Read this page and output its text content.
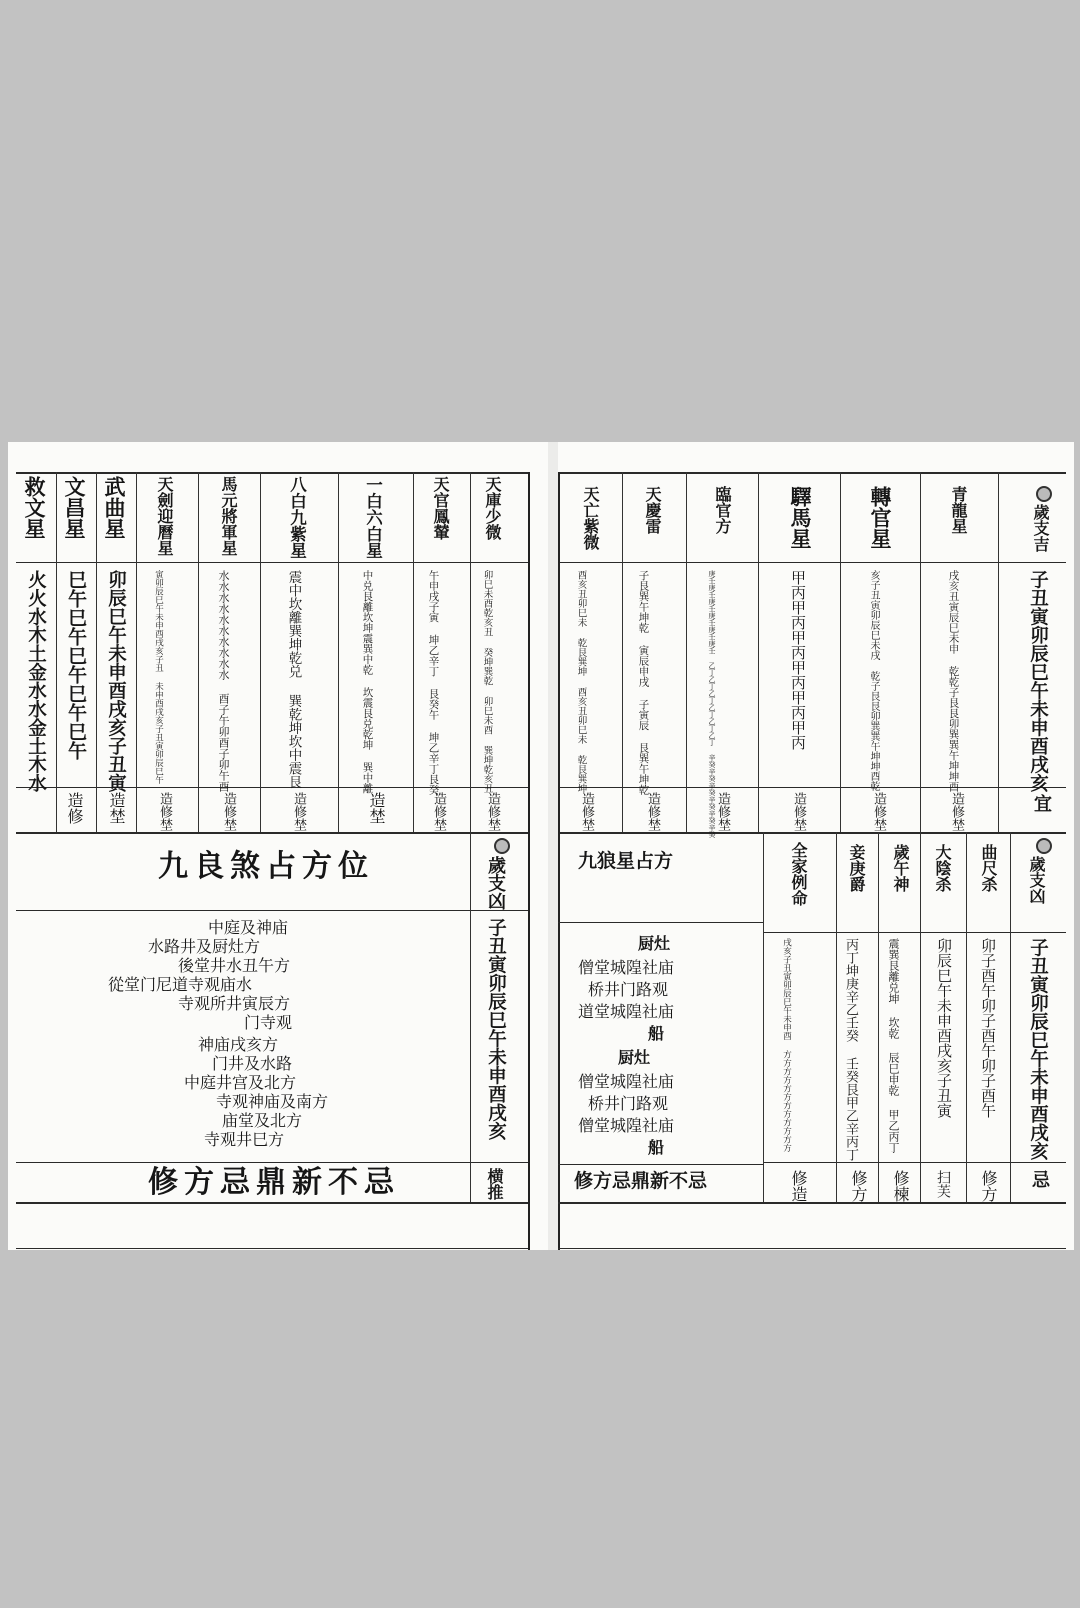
天庫少微
卯巳未酉乾亥丑 癸坤巽乾 卯巳未酉 巽坤乾亥丑
造修埜
天官鳳輦
午申戌子寅 坤乙辛丁 艮癸午 坤乙辛丁艮癸
造修埜
一白六白星
中兑艮離坎坤震巽中乾 坎震艮兑乾坤 巽中離
造埜
八白九紫星
震中坎離巽坤乾兑 巽乾坤坎中震艮
造修埜
馬元將軍星
水水水水水水水水水水 酉子午卯酉子卯午酉
造修埜
天劍迎曆星
寅卯辰巳午未申酉戌亥子丑 未申酉戌亥子丑寅卯辰巳午
造修埜
武曲星
卯辰巳午未申酉戌亥子丑寅
造埜
文昌星
巳午巳午巳午巳午巳午
造修
救文星
火火水木土金水水金土木水
歲支凶
子丑寅卯辰巳午未申酉戌亥
九良煞占方位
中庭及神庙
水路井及厨灶方
後堂井水丑午方
從堂门尼道寺观庙水
寺观所井寅辰方
门寺观
神庙戌亥方
门井及水路
中庭井宫及北方
寺观神庙及南方
庙堂及北方
寺观井巳方
横推
修方忌鼎新不忌
歲支吉
子丑寅卯辰巳午未申酉戌亥
宜
青龍星
戌亥丑寅辰巳未申 乾乾子艮艮卯巽巽午坤坤酉
造修埜
轉官星
亥子丑寅卯辰巳未戌 乾子艮艮卯巽巽午坤坤酉乾
造修埜
驛馬星
甲丙甲丙甲丙甲丙甲丙甲丙
造修埜
臨官方
庚壬庚壬庚壬庚壬庚壬庚壬 乙丁乙丁乙丁乙丁乙丁乙丁 辛癸辛癸辛癸辛癸辛癸辛癸 造修埜
天慶雷
子艮巽午坤乾 寅辰申戌 子寅辰 艮巽午坤乾
造修埜
天亡紫微
酉亥丑卯巳未 乾艮巽坤 酉亥丑卯巳未 乾艮巽坤
造修埜
歲支凶
子丑寅卯辰巳午未申酉戌亥
忌
曲尺杀
卯子酉午卯子酉午卯子酉午
修方
大陰杀
卯辰巳午未申酉戌亥子丑寅
扫芙
歲午神
震巽艮離兑坤 坎乾 辰巳申乾 甲乙丙丁
修楝
妾庚爵
丙丁坤庚辛乙壬癸 壬癸艮甲乙辛丙丁
修方
全家例命
戌亥子丑寅卯辰巳午未申酉 方方方方方方方方方方方方
修造
九狼星占方
厨灶
僧堂城隍社庙
桥井门路观
道堂城隍社庙
船
厨灶
僧堂城隍社庙
桥井门路观
僧堂城隍社庙
船
修方忌鼎新不忌
